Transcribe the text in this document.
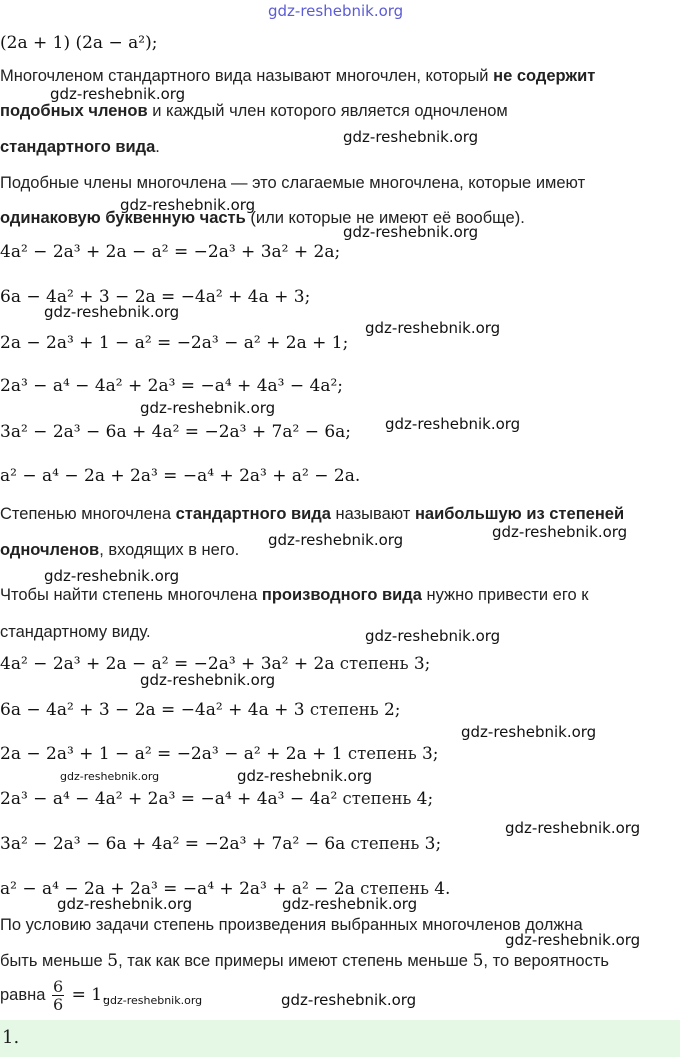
gdz-reshebnik.org
(2a + 1) (2a − a²);
Многочленом стандартного вида называют многочлен, который не содержит
подобных членов и каждый член которого является одночленом
стандартного вида.
Подобные члены многочлена — это слагаемые многочлена, которые имеют
одинаковую буквенную часть (или которые не имеют её вообще).
4a² − 2a³ + 2a − a² = −2a³ + 3a² + 2a;
6a − 4a² + 3 − 2a = −4a² + 4a + 3;
2a − 2a³ + 1 − a² = −2a³ − a² + 2a + 1;
2a³ − a⁴ − 4a² + 2a³ = −a⁴ + 4a³ − 4a²;
3a² − 2a³ − 6a + 4a² = −2a³ + 7a² − 6a;
a² − a⁴ − 2a + 2a³ = −a⁴ + 2a³ + a² − 2a.
Степенью многочлена стандартного вида называют наибольшую из степеней
одночленов, входящих в него.
Чтобы найти степень многочлена производного вида нужно привести его к
стандартному виду.
4a² − 2a³ + 2a − a² = −2a³ + 3a² + 2a степень 3;
6a − 4a² + 3 − 2a = −4a² + 4a + 3 степень 2;
2a − 2a³ + 1 − a² = −2a³ − a² + 2a + 1 степень 3;
2a³ − a⁴ − 4a² + 2a³ = −a⁴ + 4a³ − 4a² степень 4;
3a² − 2a³ − 6a + 4a² = −2a³ + 7a² − 6a степень 3;
a² − a⁴ − 2a + 2a³ = −a⁴ + 2a³ + a² − 2a степень 4.
По условию задачи степень произведения выбранных многочленов должна
быть меньше 5, так как все примеры имеют степень меньше 5, то вероятность
равна $\frac{6}{6} = 1$.
1.
gdz-reshebnik.org
gdz-reshebnik.org
gdz-reshebnik.org
gdz-reshebnik.org
gdz-reshebnik.org
gdz-reshebnik.org
gdz-reshebnik.org
gdz-reshebnik.org
gdz-reshebnik.org	gdz-reshebnik.org
gdz-reshebnik.org
gdz-reshebnik.org
gdz-reshebnik.org
gdz-reshebnik.org
gdz-reshebnik.org	gdz-reshebnik.org
gdz-reshebnik.org
gdz-reshebnik.org	gdz-reshebnik.org
gdz-reshebnik.org
gdz-reshebnik.org	gdz-reshebnik.org
